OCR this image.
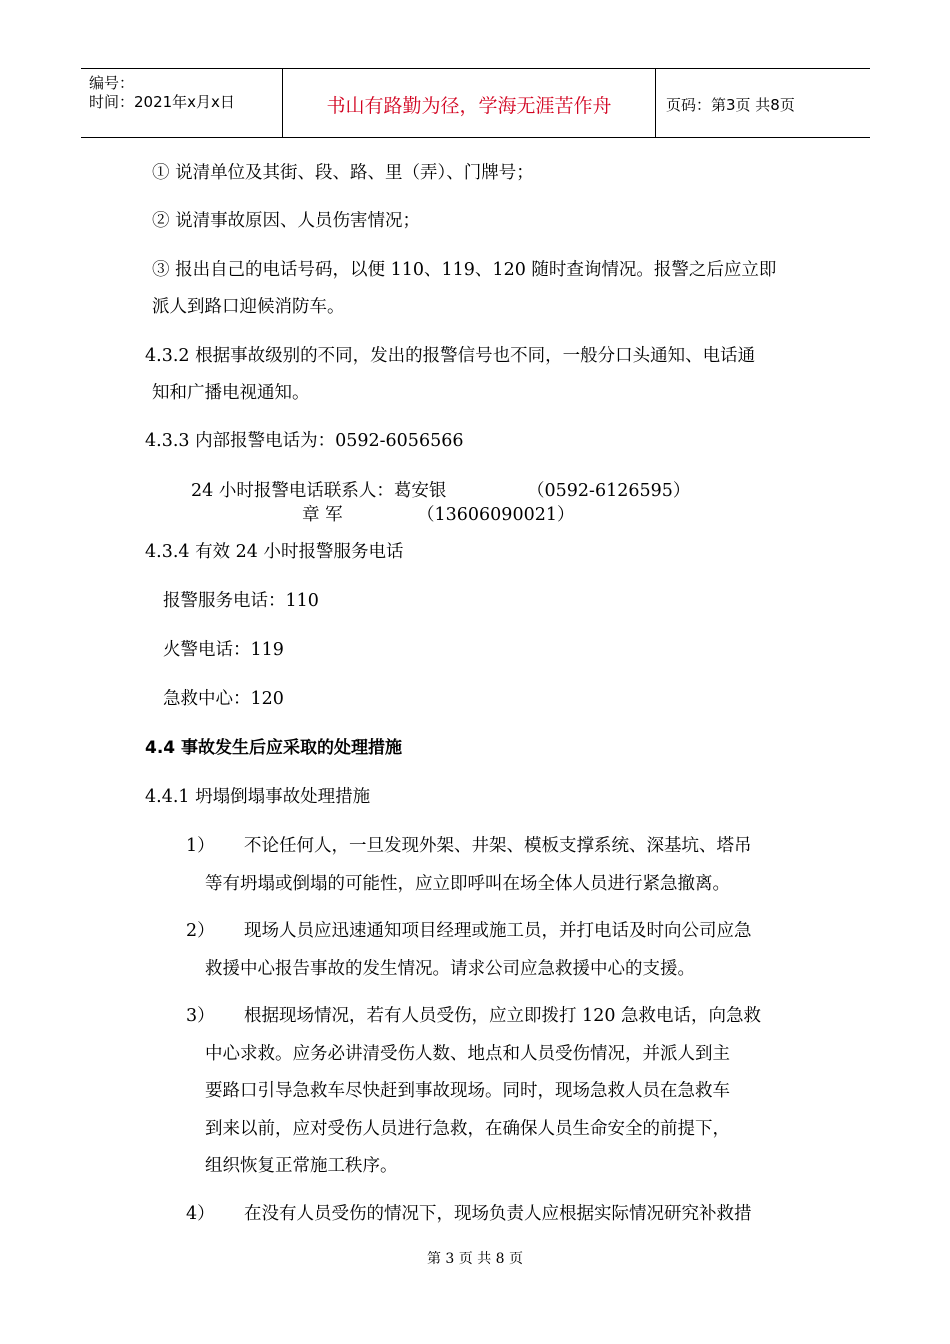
编号：
时间：2021年x月x日	书山有路勤为径，学海无涯苦作舟	页码：第3页 共8页
① 说清单位及其街、段、路、里（弄）、门牌号；
② 说清事故原因、人员伤害情况；
③ 报出自己的电话号码，以便 110、119、120 随时查询情况。报警之后应立即
派人到路口迎候消防车。
4.3.2 根据事故级别的不同，发出的报警信号也不同，一般分口头通知、电话通
知和广播电视通知。
4.3.3 内部报警电话为：0592-6056566
24 小时报警电话联系人：葛安银	（0592-6126595）
章 军	（13606090021）
4.3.4 有效 24 小时报警服务电话
报警服务电话：110
火警电话：119
急救中心：120
4.4 事故发生后应采取的处理措施
4.4.1 坍塌倒塌事故处理措施
1） 不论任何人，一旦发现外架、井架、模板支撑系统、深基坑、塔吊
等有坍塌或倒塌的可能性，应立即呼叫在场全体人员进行紧急撤离。
2） 现场人员应迅速通知项目经理或施工员，并打电话及时向公司应急
救援中心报告事故的发生情况。请求公司应急救援中心的支援。
3） 根据现场情况，若有人员受伤，应立即拨打 120 急救电话，向急救
中心求救。应务必讲清受伤人数、地点和人员受伤情况，并派人到主
要路口引导急救车尽快赶到事故现场。同时，现场急救人员在急救车
到来以前，应对受伤人员进行急救，在确保人员生命安全的前提下，
组织恢复正常施工秩序。
4） 在没有人员受伤的情况下，现场负责人应根据实际情况研究补救措
第 3 页 共 8 页
